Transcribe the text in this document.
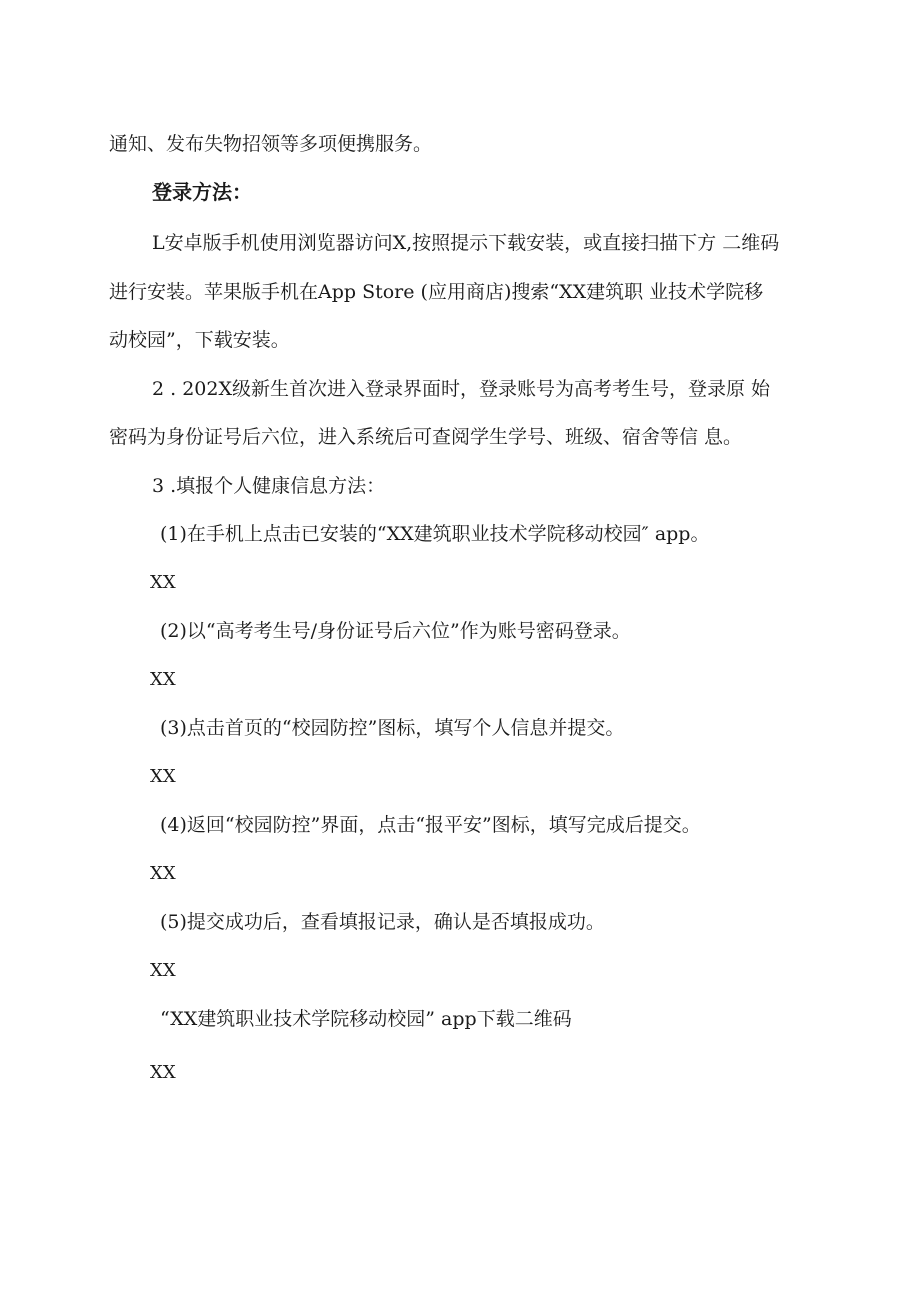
通知、发布失物招领等多项便携服务。
登录方法：
L安卓版手机使用浏览器访问X,按照提示下载安装，或直接扫描下方 二维码
进行安装。苹果版手机在App Store (应用商店)搜索“XX建筑职 业技术学院移
动校园”，下载安装。
2 . 202X级新生首次进入登录界面时，登录账号为高考考生号，登录原 始
密码为身份证号后六位，进入系统后可查阅学生学号、班级、宿舍等信 息。
3 .填报个人健康信息方法：
(1)在手机上点击已安装的“XX建筑职业技术学院移动校园″ app。
XX
(2)以“高考考生号/身份证号后六位”作为账号密码登录。
XX
(3)点击首页的“校园防控”图标，填写个人信息并提交。
XX
(4)返回“校园防控”界面，点击“报平安”图标，填写完成后提交。
XX
(5)提交成功后，查看填报记录，确认是否填报成功。
XX
“XX建筑职业技术学院移动校园” app下载二维码
XX
